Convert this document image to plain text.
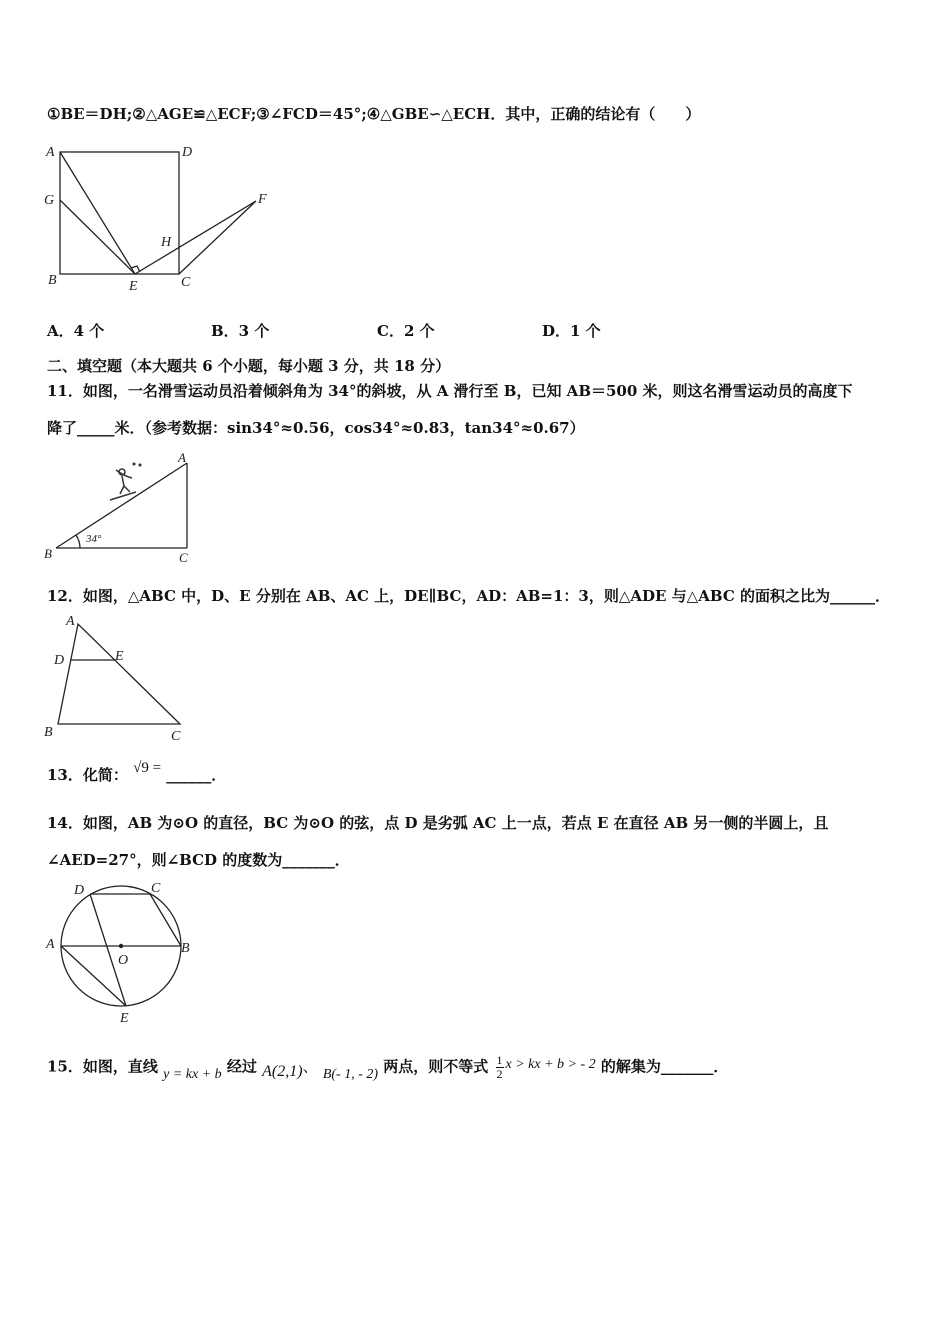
①BE＝DH;②△AGE≌△ECF;③∠FCD＝45°;④△GBE∽△ECH．其中，正确的结论有（　　）
A	D
G	F
H
B	E	C
A．4 个	B．3 个	C．2 个	D．1 个
二、填空题（本大题共 6 个小题，每小题 3 分，共 18 分）
11．如图，一名滑雪运动员沿着倾斜角为 34°的斜坡，从 A 滑行至 B，已知 AB＝500 米，则这名滑雪运动员的高度下
降了_____米．（参考数据：sin34°≈0.56，cos34°≈0.83，tan34°≈0.67）
A
B	C
34°
12．如图，△ABC 中，D、E 分别在 AB、AC 上，DE∥BC，AD：AB=1：3，则△ADE 与△ABC 的面积之比为______．
A
D	E
B	C
13．化简： √9 = ______．
14．如图，AB 为⊙O 的直径，BC 为⊙O 的弦，点 D 是劣弧 AC 上一点，若点 E 在直径 AB 另一侧的半圆上，且
∠AED=27°，则∠BCD 的度数为_______．
A	B
C
D
E
O
15．如图，直线 y = kx + b 经过 A(2,1)、 B(- 1, - 2) 两点，则不等式 $\frac{1}{2}$ x > kx + b > - 2 的解集为_______．
